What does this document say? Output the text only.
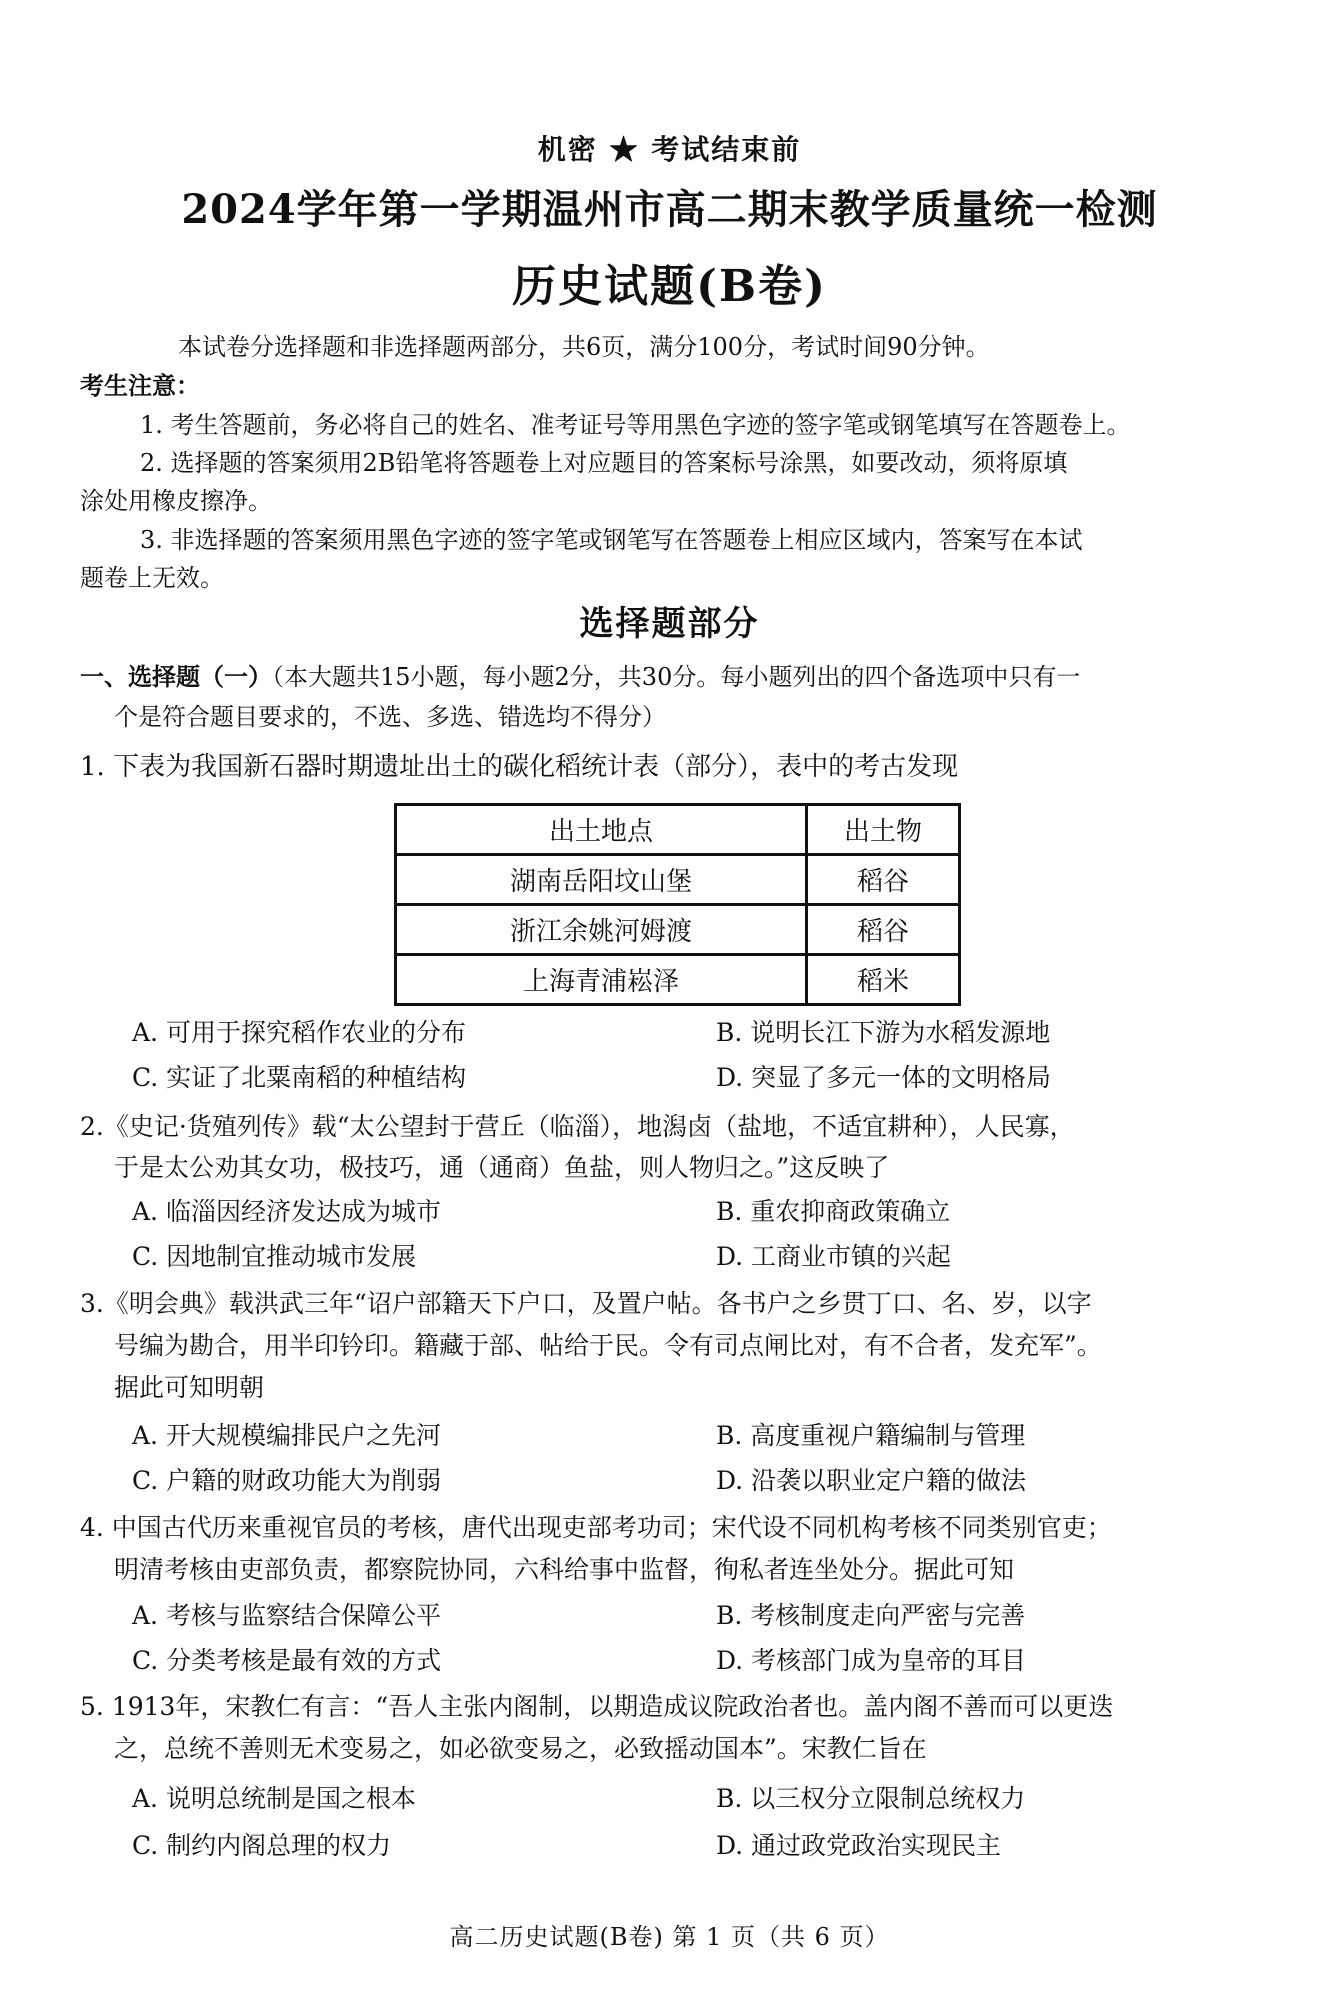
机密 ★ 考试结束前
2024学年第一学期温州市高二期末教学质量统一检测
历史试题(B卷)
本试卷分选择题和非选择题两部分，共6页，满分100分，考试时间90分钟。
考生注意：
1. 考生答题前，务必将自己的姓名、准考证号等用黑色字迹的签字笔或钢笔填写在答题卷上。
2. 选择题的答案须用2B铅笔将答题卷上对应题目的答案标号涂黑，如要改动，须将原填
涂处用橡皮擦净。
3. 非选择题的答案须用黑色字迹的签字笔或钢笔写在答题卷上相应区域内，答案写在本试
题卷上无效。
选择题部分
一、选择题（一）（本大题共15小题，每小题2分，共30分。每小题列出的四个备选项中只有一
个是符合题目要求的，不选、多选、错选均不得分）
1. 下表为我国新石器时期遗址出土的碳化稻统计表（部分），表中的考古发现
出土地点	出土物
湖南岳阳坟山堡	稻谷
浙江余姚河姆渡	稻谷
上海青浦崧泽	稻米
A. 可用于探究稻作农业的分布	B. 说明长江下游为水稻发源地
C. 实证了北粟南稻的种植结构	D. 突显了多元一体的文明格局
2.《史记·货殖列传》载“太公望封于营丘（临淄），地潟卤（盐地，不适宜耕种），人民寡，
于是太公劝其女功，极技巧，通（通商）鱼盐，则人物归之。”这反映了
A. 临淄因经济发达成为城市	B. 重农抑商政策确立
C. 因地制宜推动城市发展	D. 工商业市镇的兴起
3.《明会典》载洪武三年“诏户部籍天下户口，及置户帖。各书户之乡贯丁口、名、岁，以字
号编为勘合，用半印钤印。籍藏于部、帖给于民。令有司点闸比对，有不合者，发充军”。
据此可知明朝
A. 开大规模编排民户之先河	B. 高度重视户籍编制与管理
C. 户籍的财政功能大为削弱	D. 沿袭以职业定户籍的做法
4. 中国古代历来重视官员的考核，唐代出现吏部考功司；宋代设不同机构考核不同类别官吏；
明清考核由吏部负责，都察院协同，六科给事中监督，徇私者连坐处分。据此可知
A. 考核与监察结合保障公平	B. 考核制度走向严密与完善
C. 分类考核是最有效的方式	D. 考核部门成为皇帝的耳目
5. 1913年，宋教仁有言：“吾人主张内阁制，以期造成议院政治者也。盖内阁不善而可以更迭
之，总统不善则无术变易之，如必欲变易之，必致摇动国本”。宋教仁旨在
A. 说明总统制是国之根本	B. 以三权分立限制总统权力
C. 制约内阁总理的权力	D. 通过政党政治实现民主
高二历史试题(B卷) 第 1 页（共 6 页）
